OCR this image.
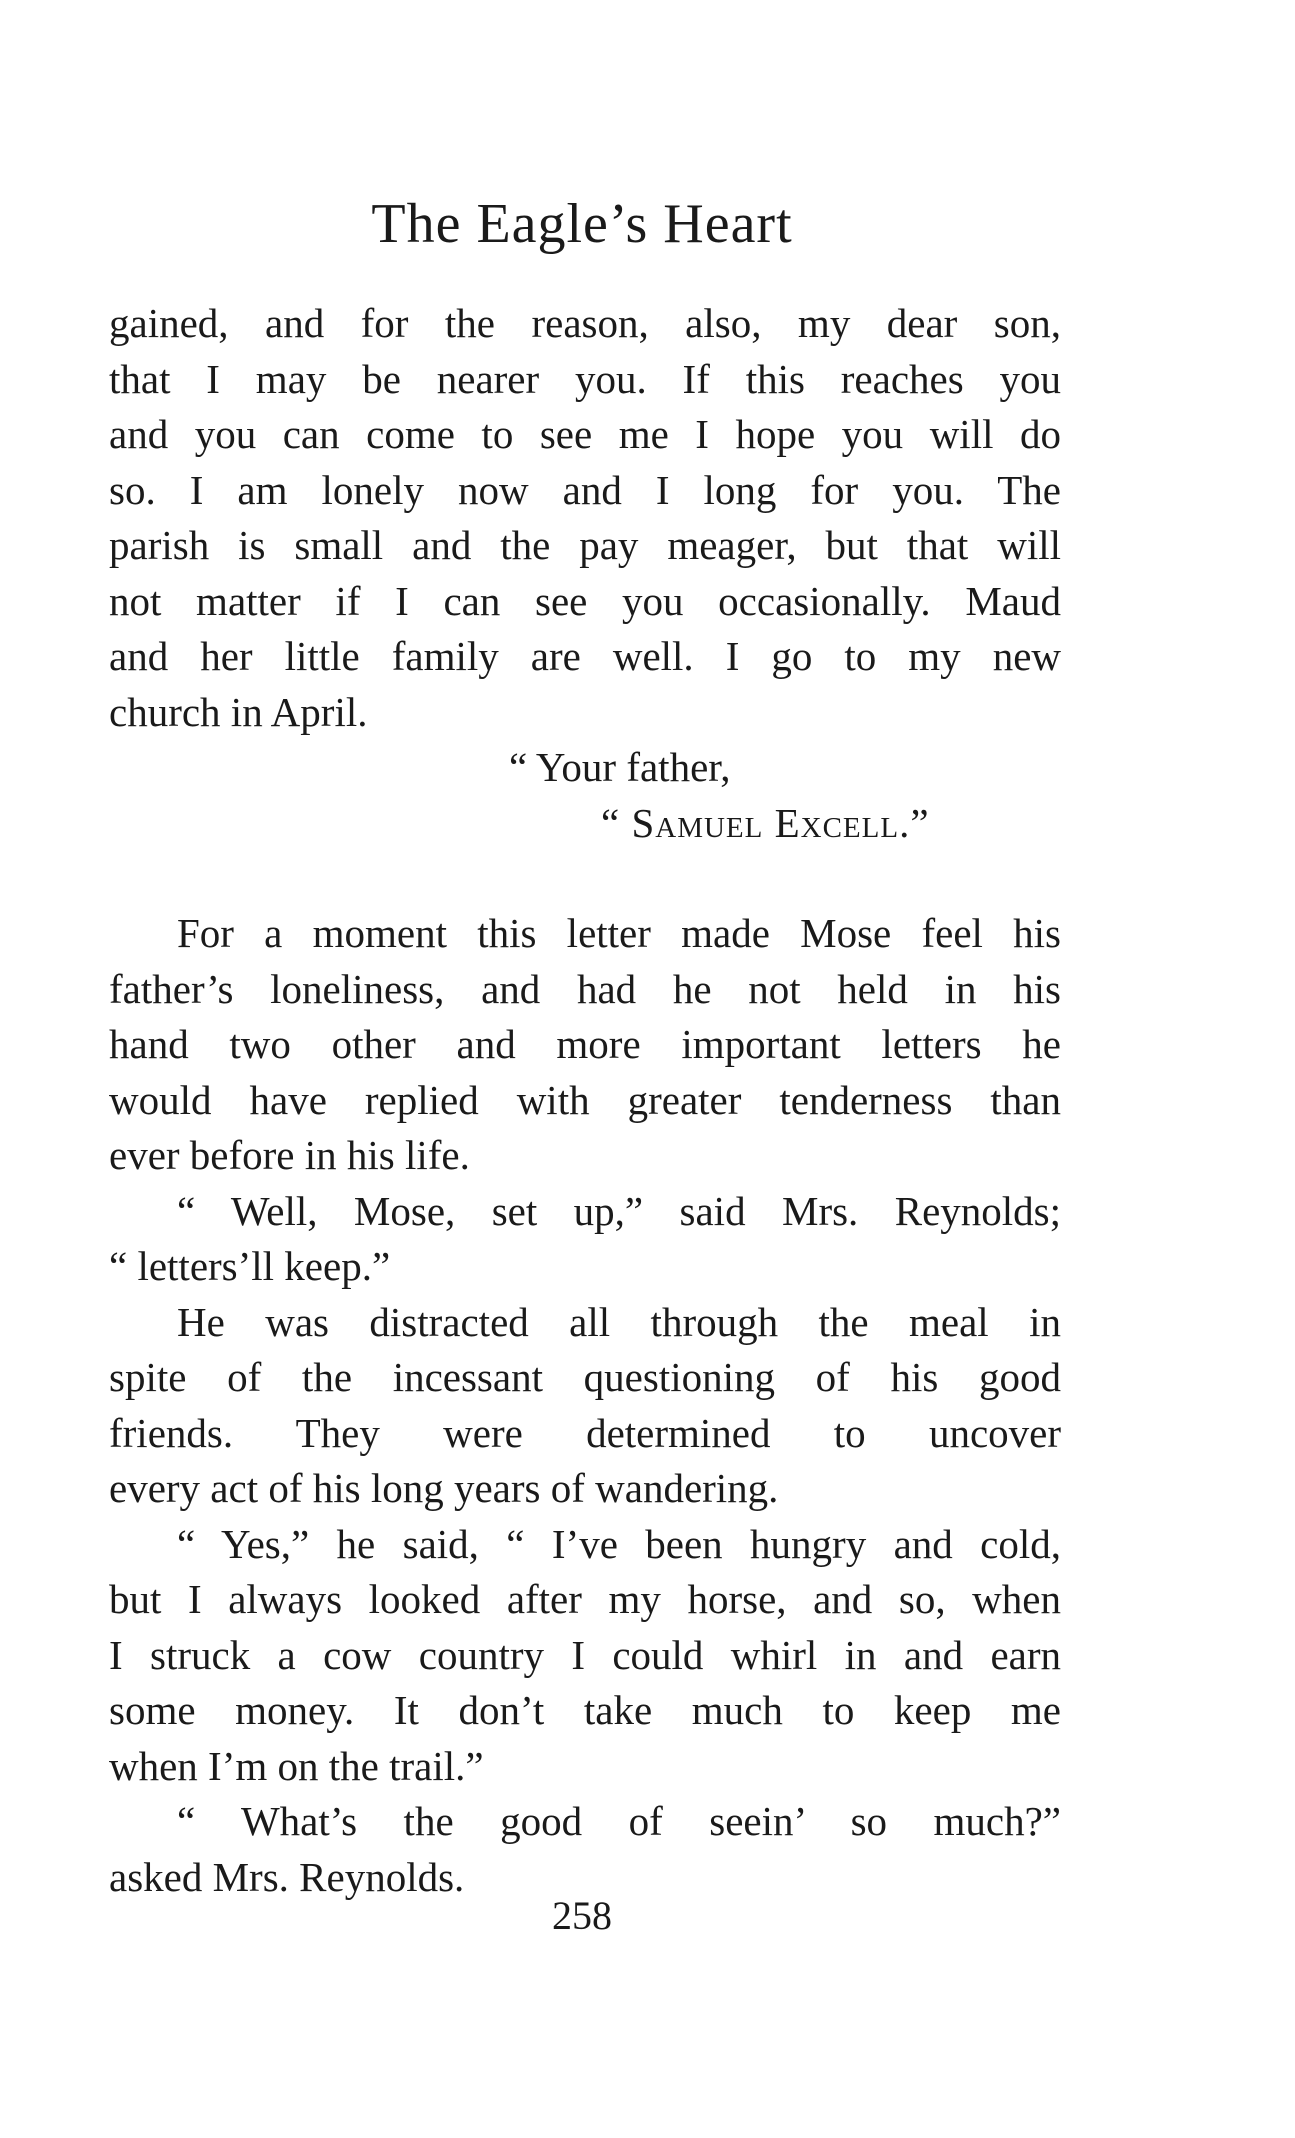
The Eagle’s Heart

gained, and for the reason, also, my dear son,
that I may be nearer you. If this reaches you
and you can come to see me I hope you will do
so. I am lonely now and I long for you. The
parish is small and the pay meager, but that will
not matter if I can see you occasionally. Maud
and her little family are well. I go to my new
church in April.

“ Your father,
“ Samuel Excell.”

For a moment this letter made Mose feel his
father’s loneliness, and had he not held in his
hand two other and more important letters he
would have replied with greater tenderness than
ever before in his life.

“ Well, Mose, set up,” said Mrs. Reynolds;
“ letters’ll keep.”

He was distracted all through the meal in
spite of the incessant questioning of his good
friends. They were determined to uncover
every act of his long years of wandering.

“ Yes,” he said, “ I’ve been hungry and cold,
but I always looked after my horse, and so, when
I struck a cow country I could whirl in and earn
some money. It don’t take much to keep me
when I’m on the trail.”

“ What’s the good of seein’ so much?”
asked Mrs. Reynolds.

258
